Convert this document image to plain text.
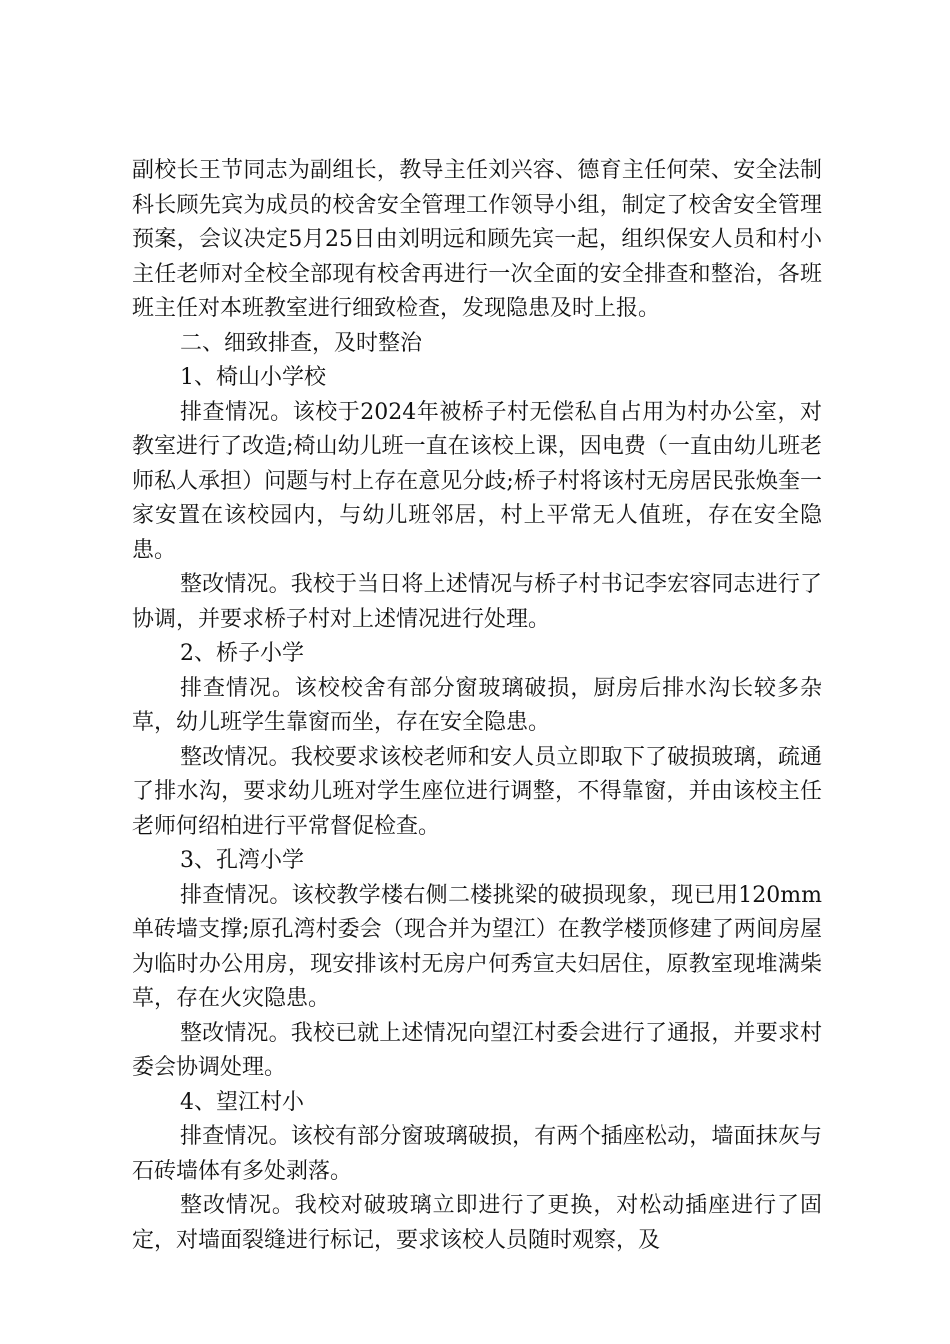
副校长王节同志为副组长，教导主任刘兴容、德育主任何荣、安全法制科长顾先宾为成员的校舍安全管理工作领导小组，制定了校舍安全管理预案，会议决定5月25日由刘明远和顾先宾一起，组织保安人员和村小主任老师对全校全部现有校舍再进行一次全面的安全排查和整治，各班班主任对本班教室进行细致检查，发现隐患及时上报。

二、细致排查，及时整治

1、椅山小学校

排查情况。该校于2024年被桥子村无偿私自占用为村办公室，对教室进行了改造;椅山幼儿班一直在该校上课，因电费（一直由幼儿班老师私人承担）问题与村上存在意见分歧;桥子村将该村无房居民张焕奎一家安置在该校园内，与幼儿班邻居，村上平常无人值班，存在安全隐患。

整改情况。我校于当日将上述情况与桥子村书记李宏容同志进行了协调，并要求桥子村对上述情况进行处理。

2、桥子小学

排查情况。该校校舍有部分窗玻璃破损，厨房后排水沟长较多杂草，幼儿班学生靠窗而坐，存在安全隐患。

整改情况。我校要求该校老师和安人员立即取下了破损玻璃，疏通了排水沟，要求幼儿班对学生座位进行调整，不得靠窗，并由该校主任老师何绍柏进行平常督促检查。

3、孔湾小学

排查情况。该校教学楼右侧二楼挑梁的破损现象，现已用120mm单砖墙支撑;原孔湾村委会（现合并为望江）在教学楼顶修建了两间房屋为临时办公用房，现安排该村无房户何秀宣夫妇居住，原教室现堆满柴草，存在火灾隐患。

整改情况。我校已就上述情况向望江村委会进行了通报，并要求村委会协调处理。

4、望江村小

排查情况。该校有部分窗玻璃破损，有两个插座松动，墙面抹灰与石砖墙体有多处剥落。

整改情况。我校对破玻璃立即进行了更换，对松动插座进行了固定，对墙面裂缝进行标记，要求该校人员随时观察，及
